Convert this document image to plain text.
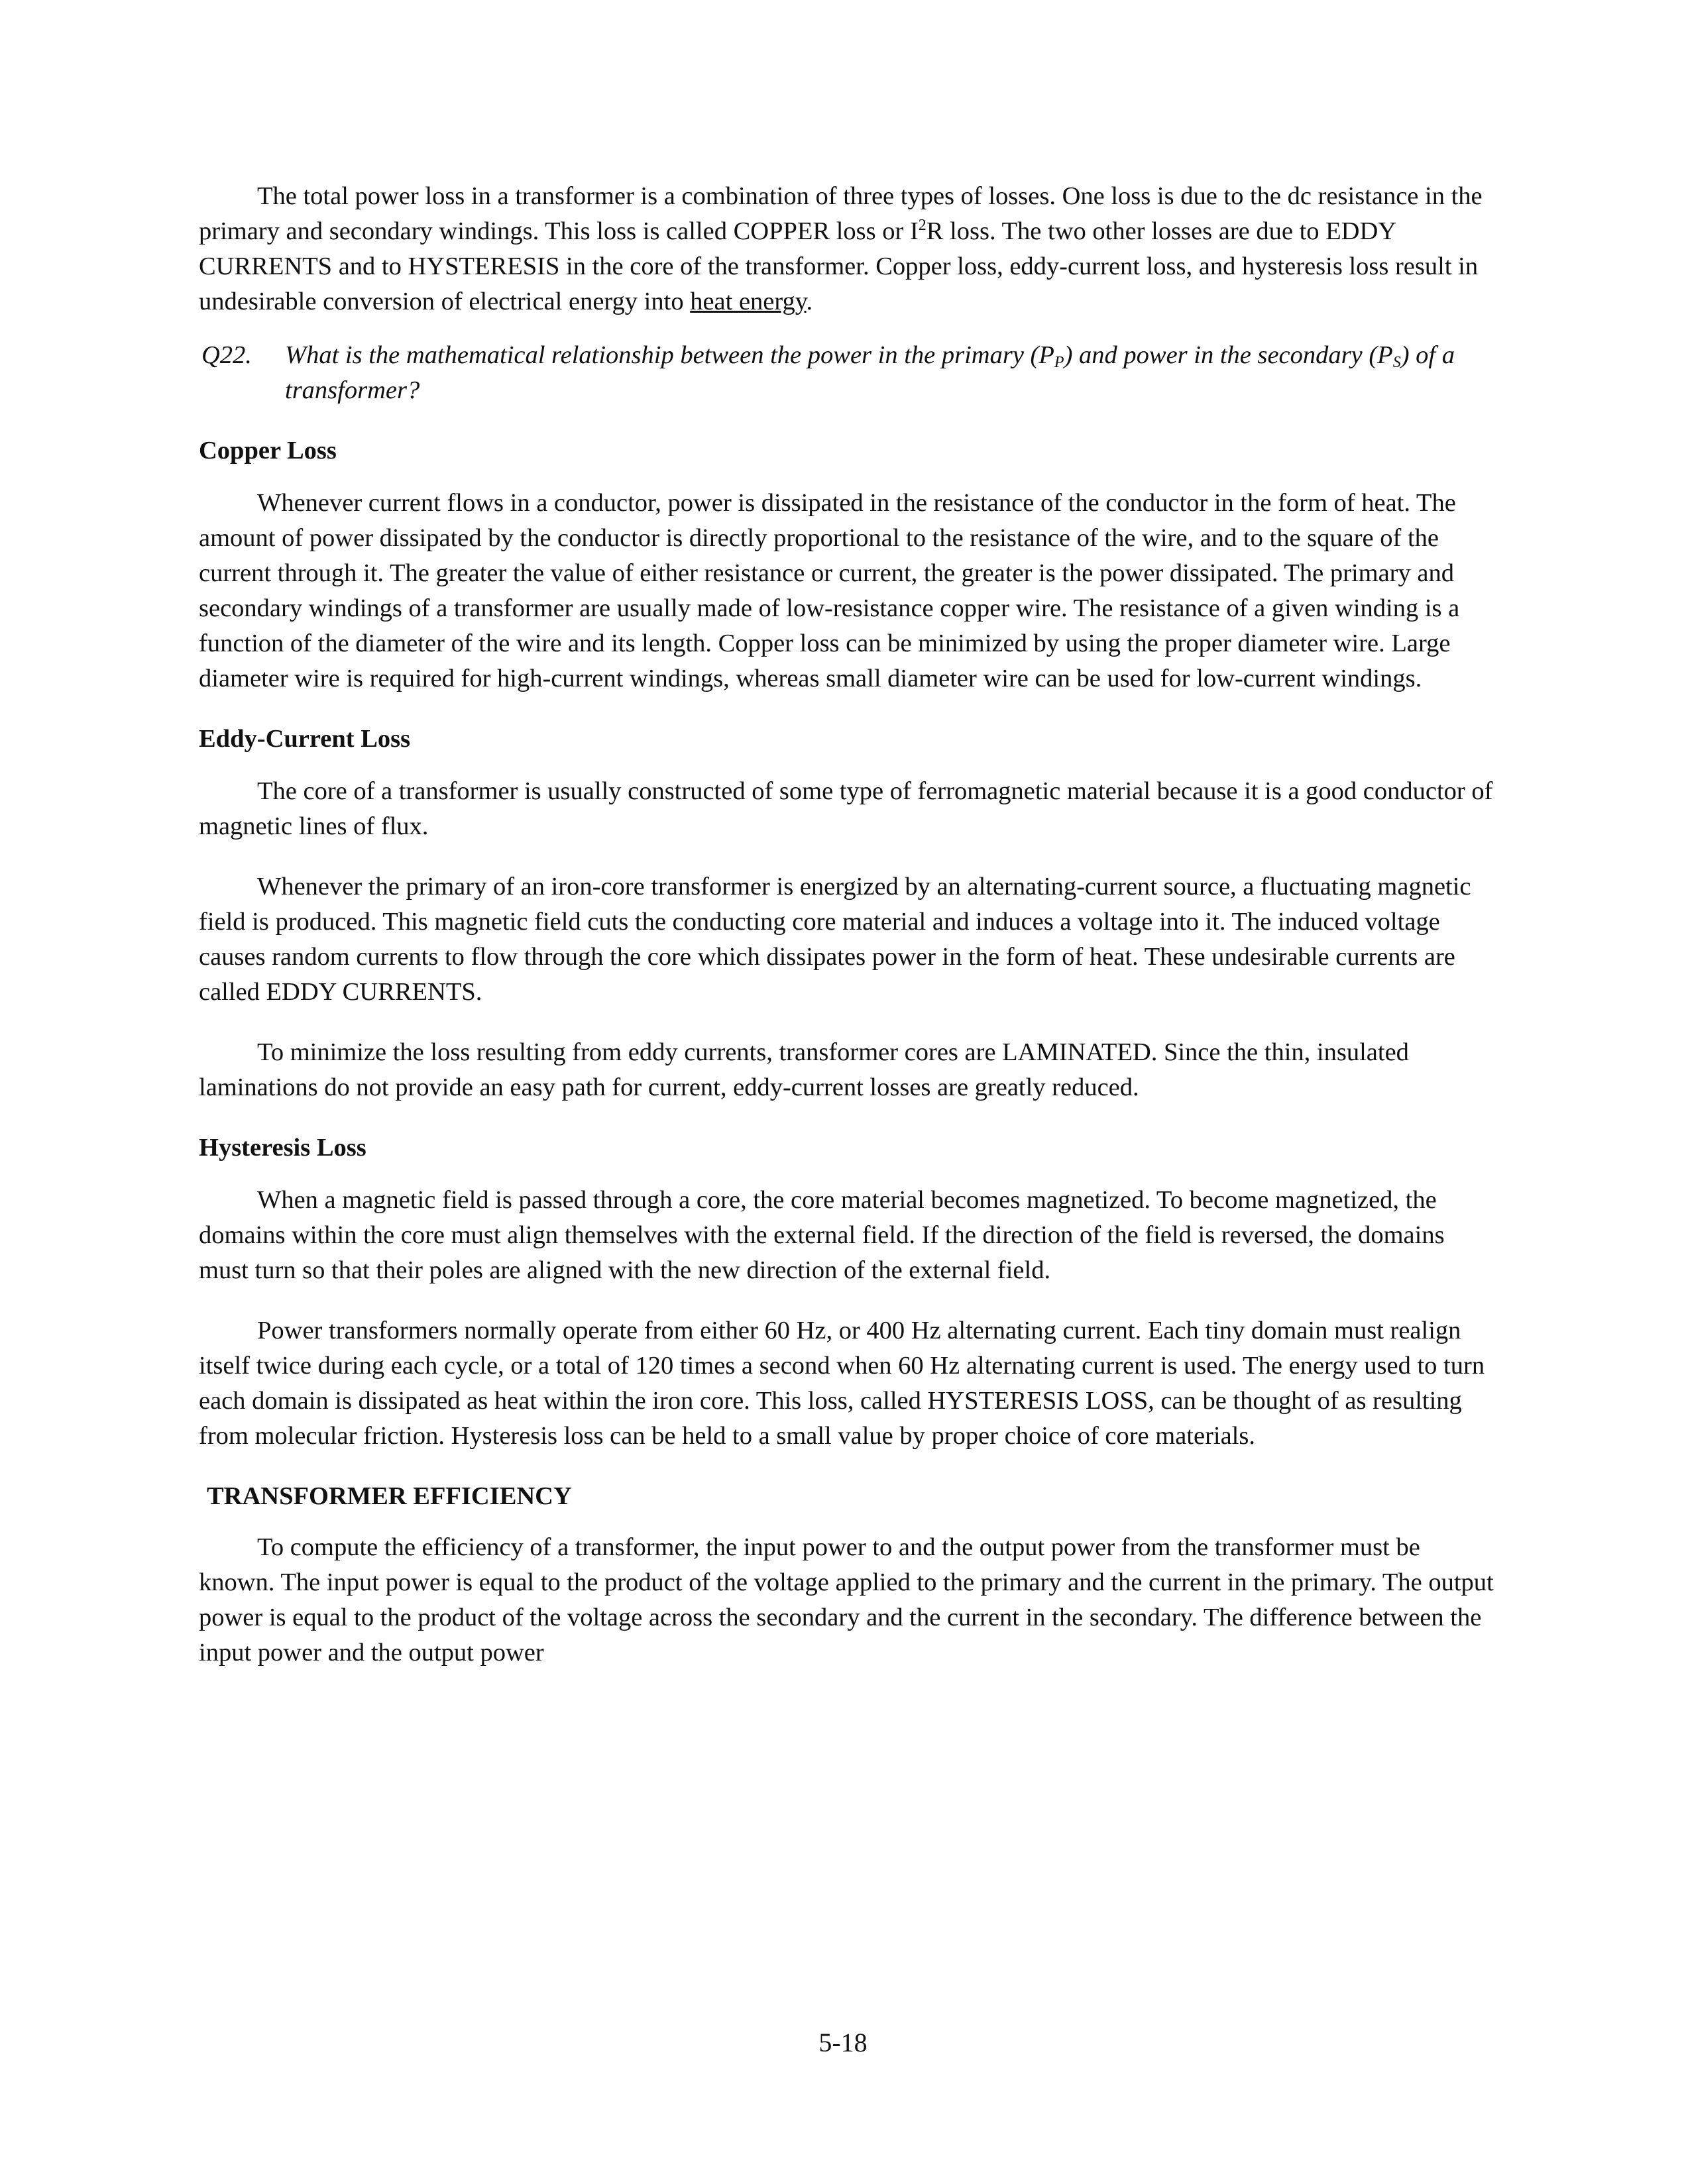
The total power loss in a transformer is a combination of three types of losses. One loss is due to the dc resistance in the primary and secondary windings. This loss is called COPPER loss or $I^2R$ loss. The two other losses are due to EDDY CURRENTS and to HYSTERESIS in the core of the transformer. Copper loss, eddy-current loss, and hysteresis loss result in undesirable conversion of electrical energy into heat energy.

Q22. What is the mathematical relationship between the power in the primary $(P_P)$ and power in the secondary $(P_S)$ of a transformer?
Copper Loss

Whenever current flows in a conductor, power is dissipated in the resistance of the conductor in the form of heat. The amount of power dissipated by the conductor is directly proportional to the resistance of the wire, and to the square of the current through it. The greater the value of either resistance or current, the greater is the power dissipated. The primary and secondary windings of a transformer are usually made of low-resistance copper wire. The resistance of a given winding is a function of the diameter of the wire and its length. Copper loss can be minimized by using the proper diameter wire. Large diameter wire is required for high-current windings, whereas small diameter wire can be used for low-current windings.

Eddy-Current Loss

The core of a transformer is usually constructed of some type of ferromagnetic material because it is a good conductor of magnetic lines of flux.

Whenever the primary of an iron-core transformer is energized by an alternating-current source, a fluctuating magnetic field is produced. This magnetic field cuts the conducting core material and induces a voltage into it. The induced voltage causes random currents to flow through the core which dissipates power in the form of heat. These undesirable currents are called EDDY CURRENTS.

To minimize the loss resulting from eddy currents, transformer cores are LAMINATED. Since the thin, insulated laminations do not provide an easy path for current, eddy-current losses are greatly reduced.

Hysteresis Loss

When a magnetic field is passed through a core, the core material becomes magnetized. To become magnetized, the domains within the core must align themselves with the external field. If the direction of the field is reversed, the domains must turn so that their poles are aligned with the new direction of the external field.

Power transformers normally operate from either 60 Hz, or 400 Hz alternating current. Each tiny domain must realign itself twice during each cycle, or a total of 120 times a second when 60 Hz alternating current is used. The energy used to turn each domain is dissipated as heat within the iron core. This loss, called HYSTERESIS LOSS, can be thought of as resulting from molecular friction. Hysteresis loss can be held to a small value by proper choice of core materials.

TRANSFORMER EFFICIENCY

To compute the efficiency of a transformer, the input power to and the output power from the transformer must be known. The input power is equal to the product of the voltage applied to the primary and the current in the primary. The output power is equal to the product of the voltage across the secondary and the current in the secondary. The difference between the input power and the output power

5-18
